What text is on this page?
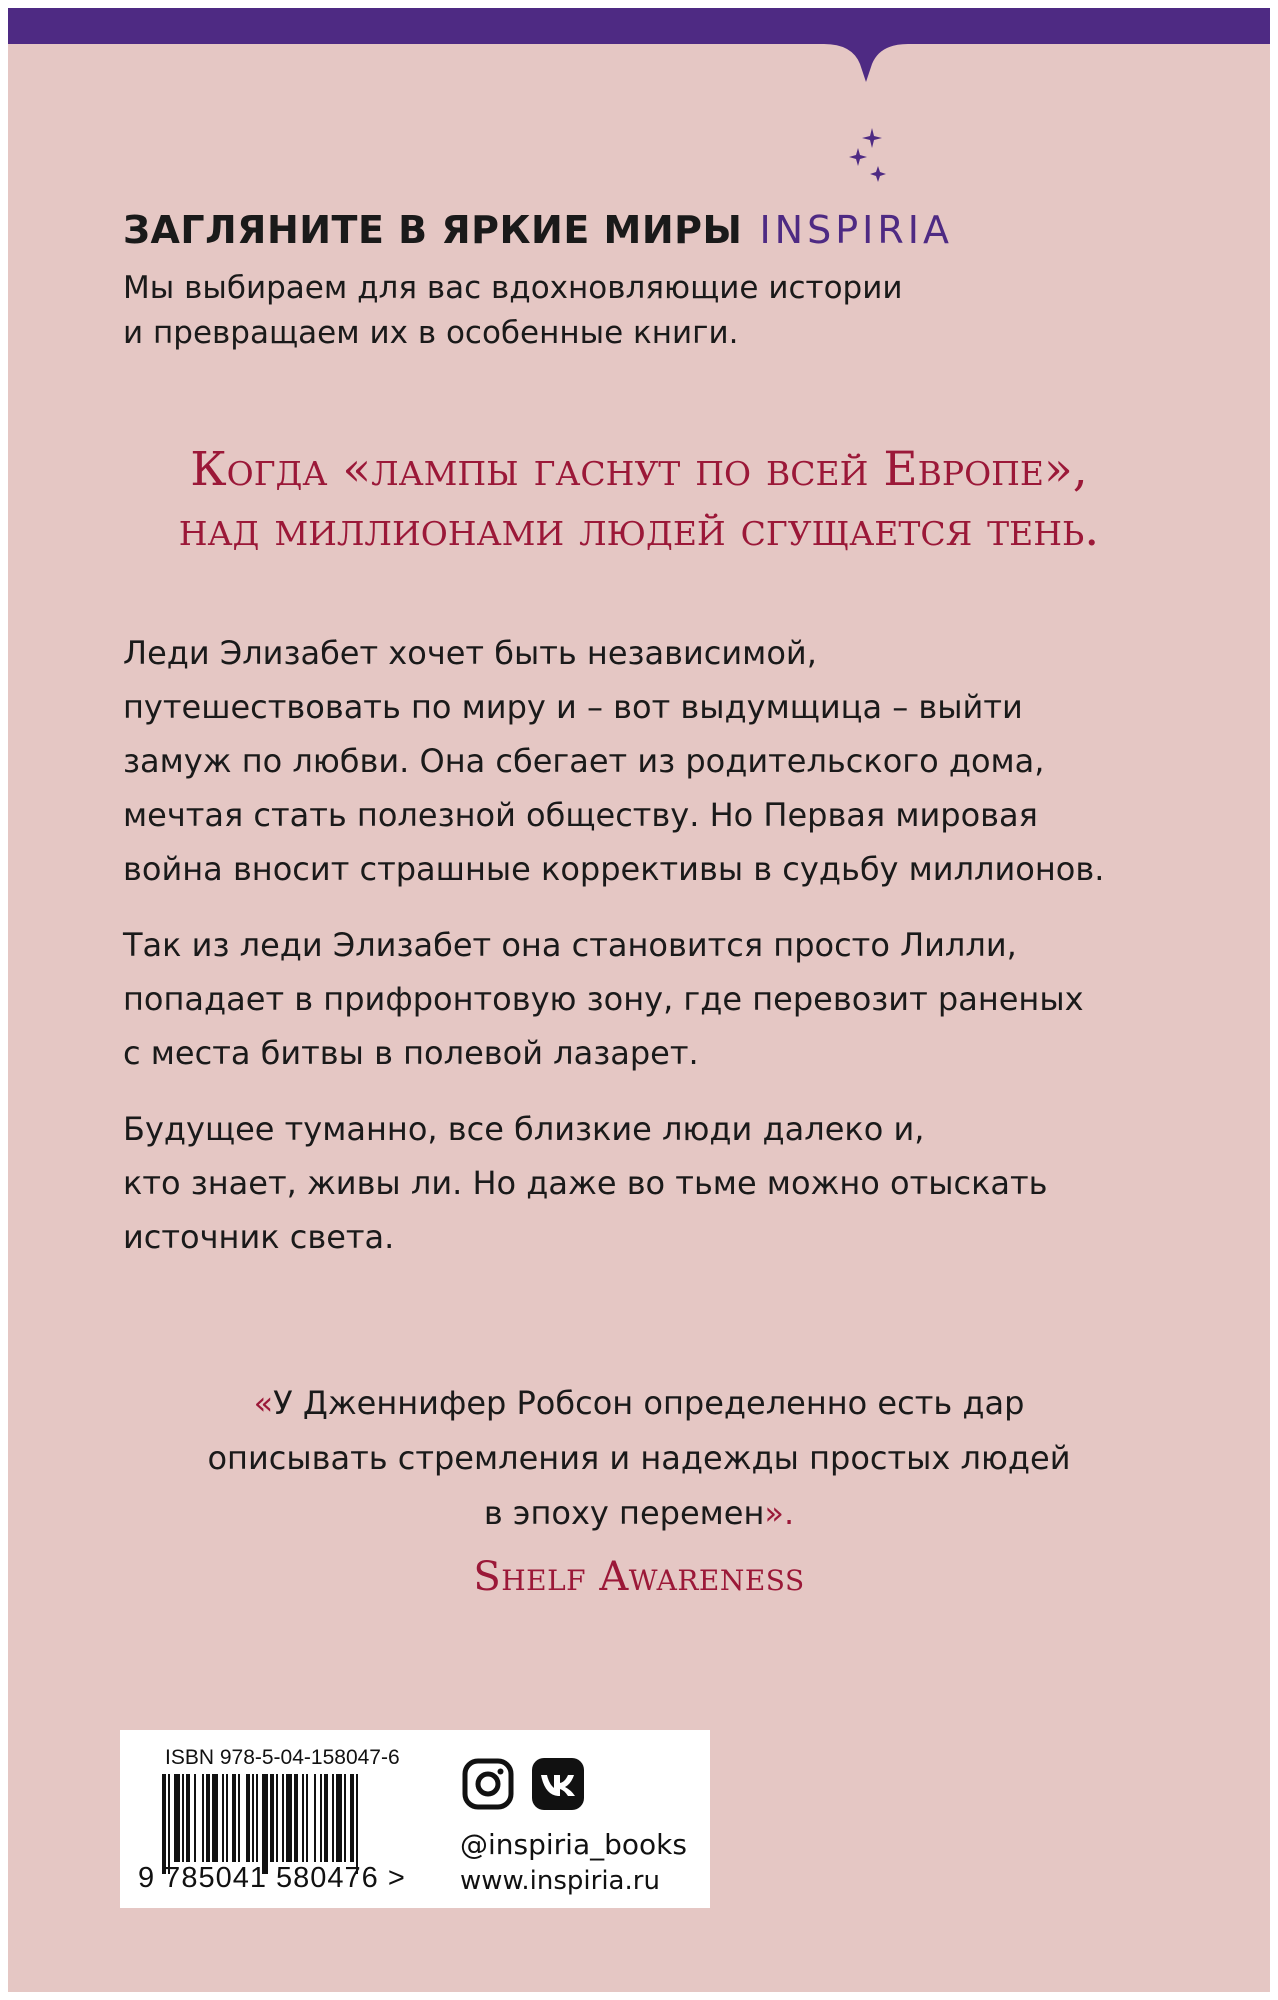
ЗАГЛЯНИТЕ В ЯРКИЕ МИРЫ INSPIRIA
Мы выбираем для вас вдохновляющие истории
и превращаем их в особенные книги.
Когда «лампы гаснут по всей Европе»,
над миллионами людей сгущается тень.

Леди Элизабет хочет быть независимой,
путешествовать по миру и – вот выдумщица – выйти
замуж по любви. Она сбегает из родительского дома,
мечтая стать полезной обществу. Но Первая мировая
война вносит страшные коррективы в судьбу миллионов.

Так из леди Элизабет она становится просто Лилли,
попадает в прифронтовую зону, где перевозит раненых
с места битвы в полевой лазарет.

Будущее туманно, все близкие люди далеко и,
кто знает, живы ли. Но даже во тьме можно отыскать
источник света.

«У Дженнифер Робсон определенно есть дар
описывать стремления и надежды простых людей
в эпоху перемен».
Shelf Awareness
ISBN 978-5-04-158047-6
9 785041 580476 >
@inspiria_books
www.inspiria.ru
